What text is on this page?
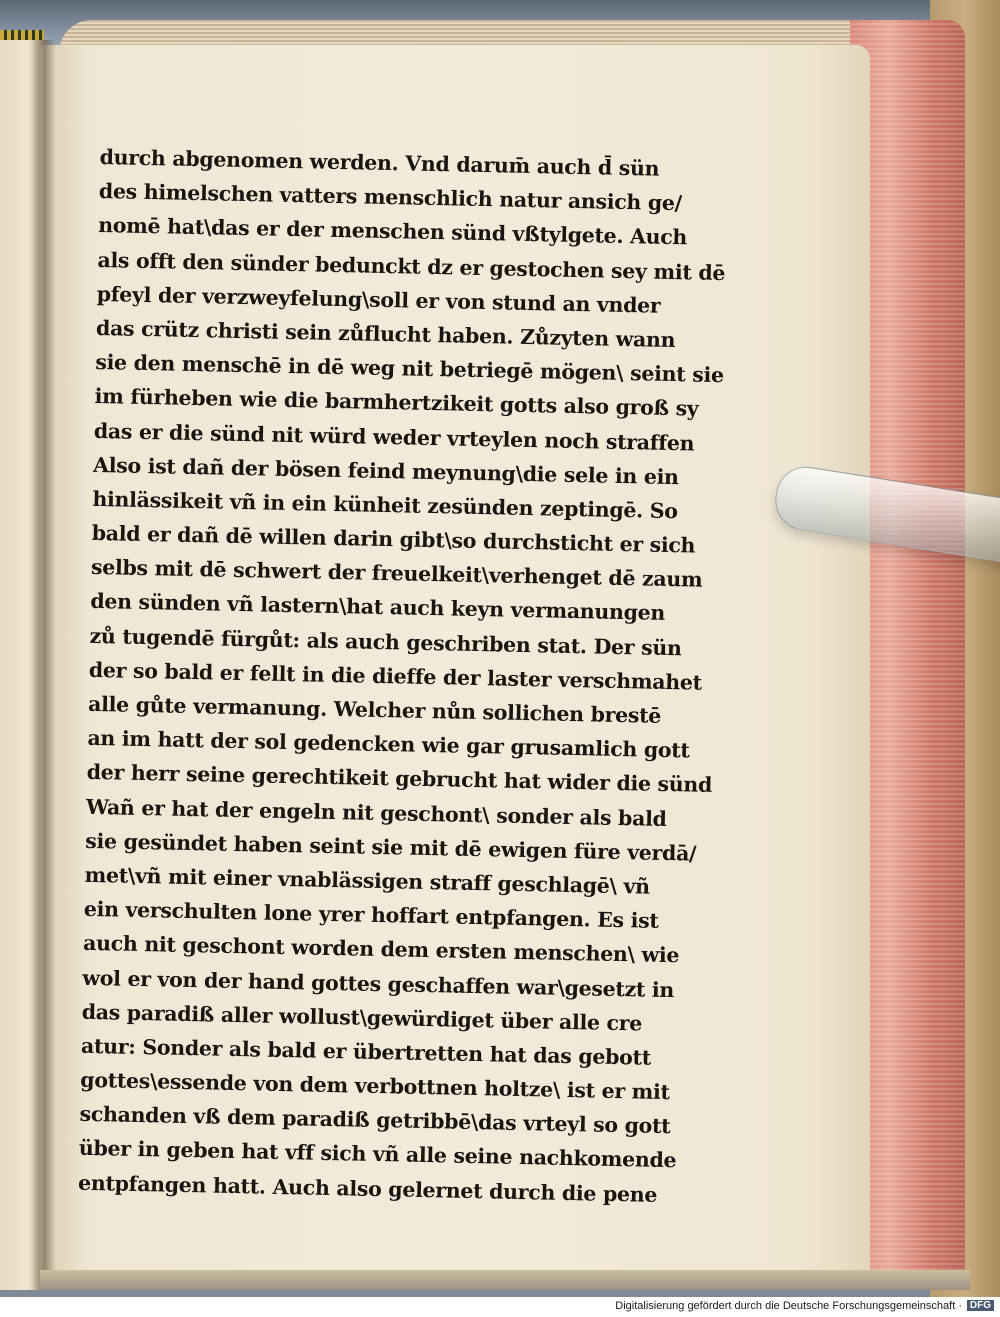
durch abgenomen werden. Vnd darum̄ auch d̄ sün
des himelschen vatters menschlich natur ansich ge/
nomē hat\das er der menschen sünd vßtylgete. Auch
als offt den sünder bedunckt dz er gestochen sey mit dē
pfeyl der verzweyfelung\soll er von stund an vnder
das crütz christi sein zůflucht haben. Zůzyten wann
sie den menschē in dē weg nit betriegē mögen\ seint sie
im fürheben wie die barmhertzikeit gotts also groß sy
das er die sünd nit würd weder vrteylen noch straffen
Also ist dañ der bösen feind meynung\die sele in ein
hinlässikeit vñ in ein künheit zesünden zeptingē. So
bald er dañ dē willen darin gibt\so durchsticht er sich
selbs mit dē schwert der freuelkeit\verhenget dē zaum
den sünden vñ lastern\hat auch keyn vermanungen
zů tugendē fürgůt: als auch geschriben stat. Der sün
der so bald er fellt in die dieffe der laster verschmahet
alle gůte vermanung. Welcher nůn sollichen brestē
an im hatt der sol gedencken wie gar grusamlich gott
der herr seine gerechtikeit gebrucht hat wider die sünd
Wañ er hat der engeln nit geschont\ sonder als bald
sie gesündet haben seint sie mit dē ewigen füre verdā/
met\vñ mit einer vnablässigen straff geschlagē\ vñ
ein verschulten lone yrer hoffart entpfangen. Es ist
auch nit geschont worden dem ersten menschen\ wie
wol er von der hand gottes geschaffen war\gesetzt in
das paradiß aller wollust\gewürdiget über alle cre
atur: Sonder als bald er übertretten hat das gebott
gottes\essende von dem verbottnen holtze\ ist er mit
schanden vß dem paradiß getribbē\das vrteyl so gott
über in geben hat vff sich vñ alle seine nachkomende
entpfangen hatt. Auch also gelernet durch die pene
Digitalisierung gefördert durch die Deutsche Forschungsgemeinschaft · DFG
